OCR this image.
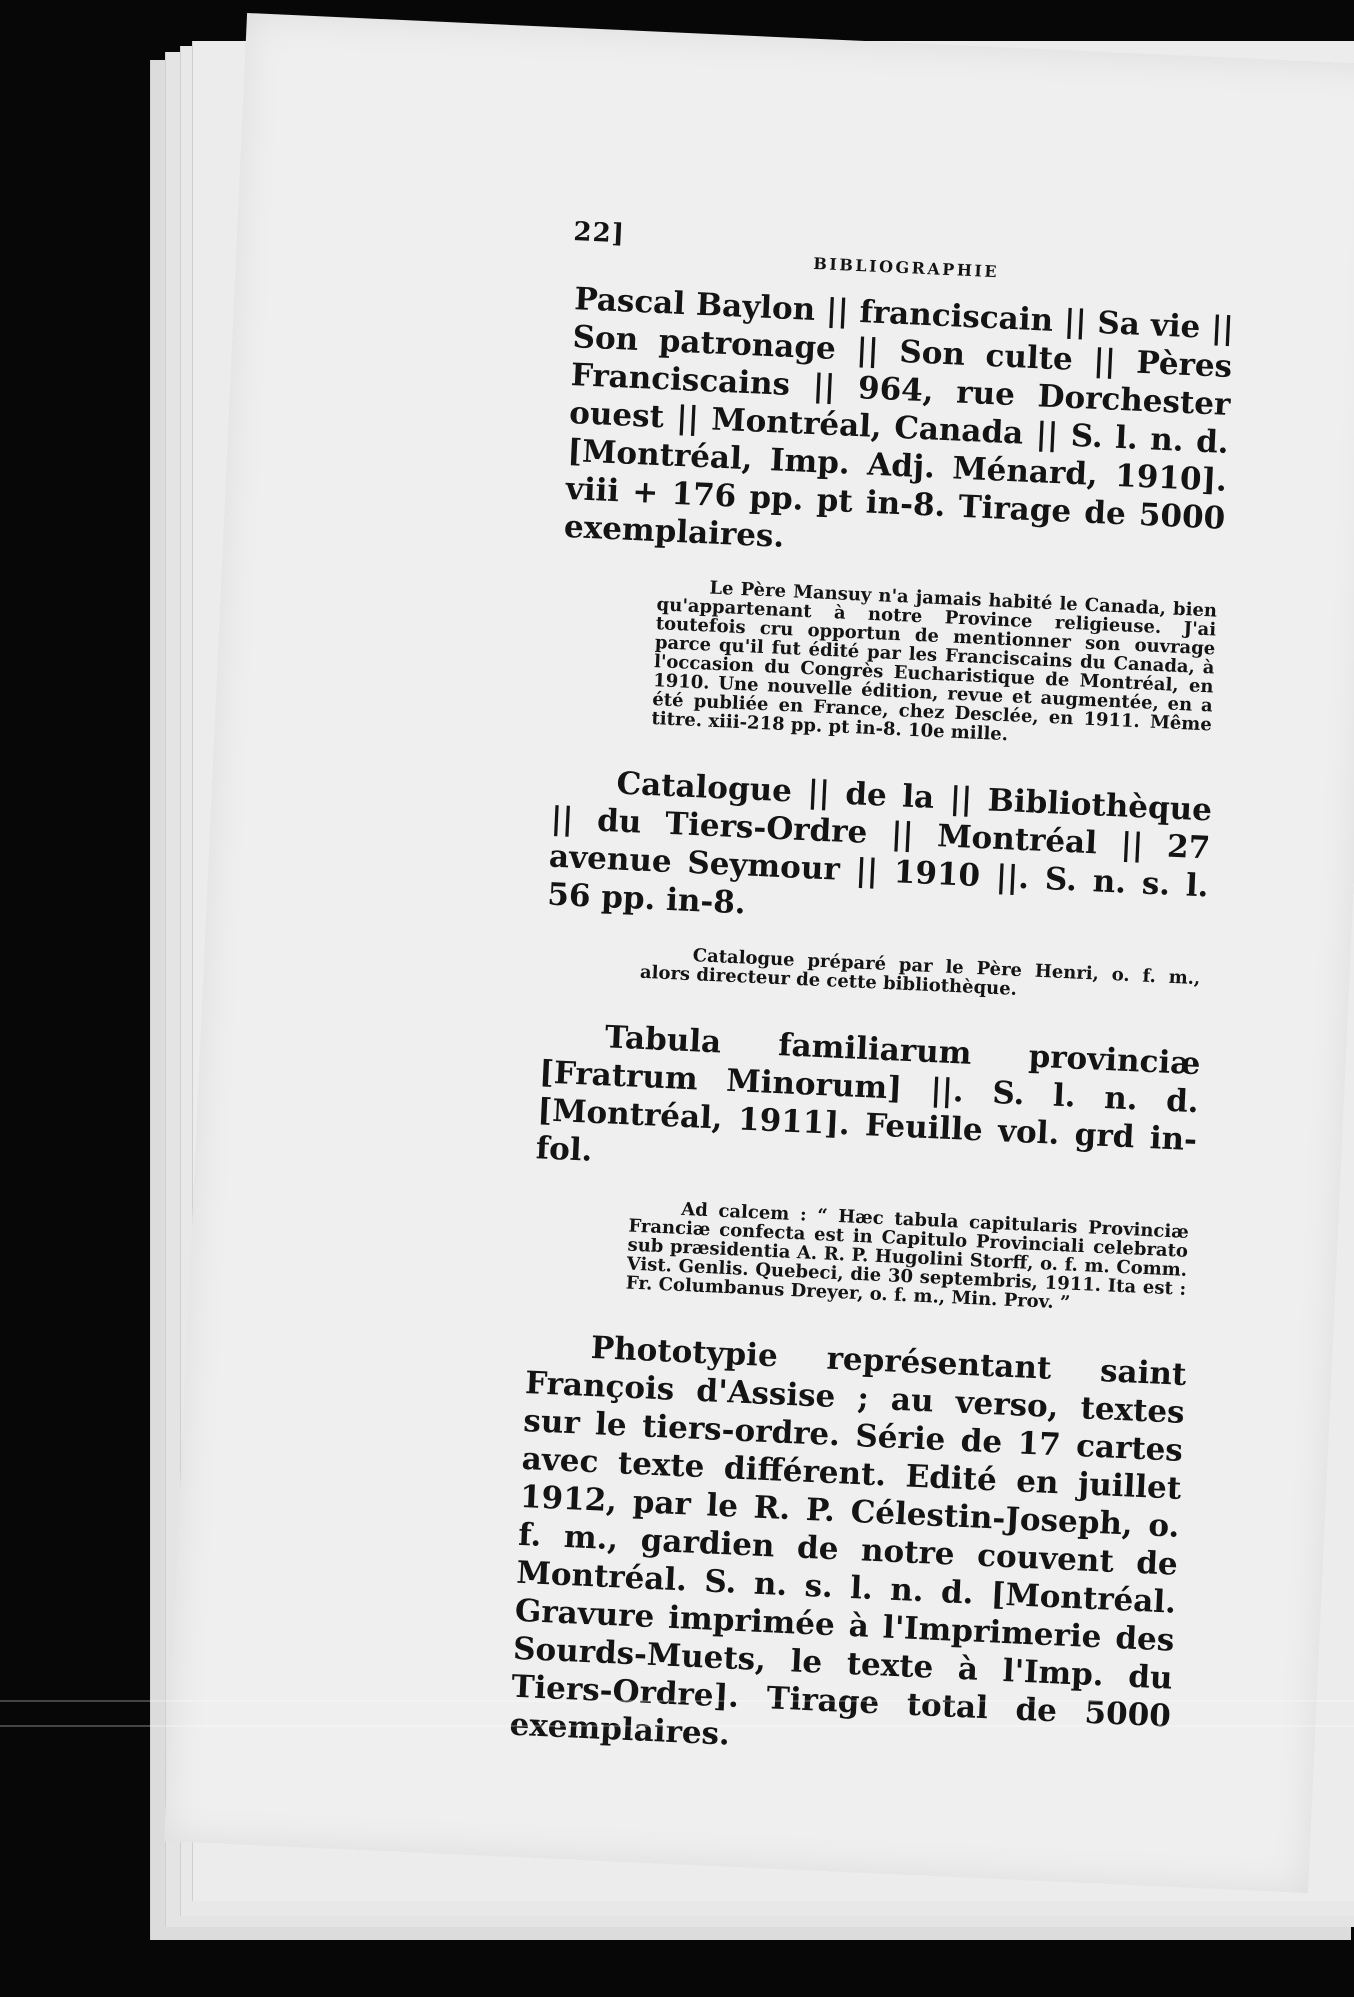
22]
BIBLIOGRAPHIE

Pascal Baylon || franciscain || Sa vie || Son patronage || Son culte || Pères Franciscains || 964, rue Dorchester ouest || Montréal, Canada || S. l. n. d. [Montréal, Imp. Adj. Ménard, 1910]. viii + 176 pp. pt in-8. Tirage de 5000 exemplaires.

Le Père Mansuy n'a jamais habité le Canada, bien qu'appartenant à notre Province religieuse. J'ai toutefois cru opportun de mentionner son ouvrage parce qu'il fut édité par les Franciscains du Canada, à l'occasion du Congrès Eucharistique de Montréal, en 1910. Une nouvelle édition, revue et augmentée, en a été publiée en France, chez Desclée, en 1911. Même titre. xiii-218 pp. pt in-8. 10e mille.

Catalogue || de la || Bibliothèque || du Tiers-Ordre || Montréal || 27 avenue Seymour || 1910 ||. S. n. s. l. 56 pp. in-8.

Catalogue préparé par le Père Henri, o. f. m., alors directeur de cette bibliothèque.

Tabula familiarum provinciæ [Fratrum Minorum] ||. S. l. n. d. [Montréal, 1911]. Feuille vol. grd in-fol.

Ad calcem : “ Hæc tabula capitularis Provinciæ Franciæ confecta est in Capitulo Provinciali celebrato sub præsidentia A. R. P. Hugolini Storff, o. f. m. Comm. Vist. Genlis. Quebeci, die 30 septembris, 1911. Ita est : Fr. Columbanus Dreyer, o. f. m., Min. Prov. ”

Phototypie représentant saint François d'Assise ; au verso, textes sur le tiers-ordre. Série de 17 cartes avec texte différent. Edité en juillet 1912, par le R. P. Célestin-Joseph, o. f. m., gardien de notre couvent de Montréal. S. n. s. l. n. d. [Montréal. Gravure imprimée à l'Imprimerie des Sourds-Muets, le texte à l'Imp. du Tiers-Ordre]. Tirage total de 5000 exemplaires.
